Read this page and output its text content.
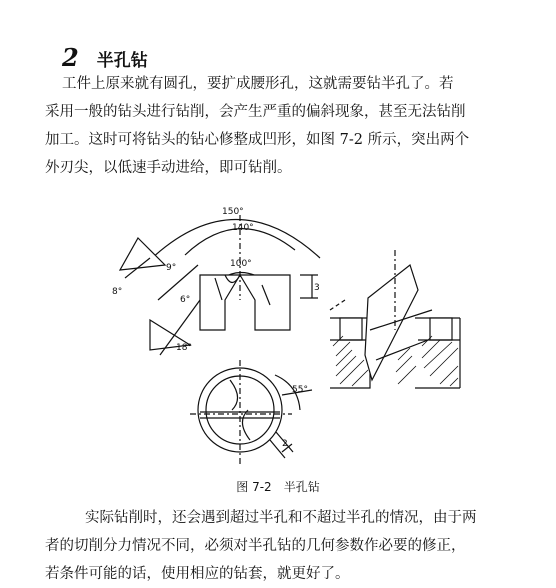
2 半孔钻
工件上原来就有圆孔，要扩成腰形孔，这就需要钻半孔了。若
采用一般的钻头进行钻削，会产生严重的偏斜现象，甚至无法钻削
加工。这时可将钻头的钻心修整成凹形，如图 7-2 所示，突出两个
外刃尖，以低速手动进给，即可钻削。
150°
140°
100°
9°
8°
6°
18°
55°
3
2
图 7-2　半孔钻
实际钻削时，还会遇到超过半孔和不超过半孔的情况，由于两
者的切削分力情况不同，必须对半孔钻的几何参数作必要的修正，
若条件可能的话，使用相应的钻套，就更好了。
